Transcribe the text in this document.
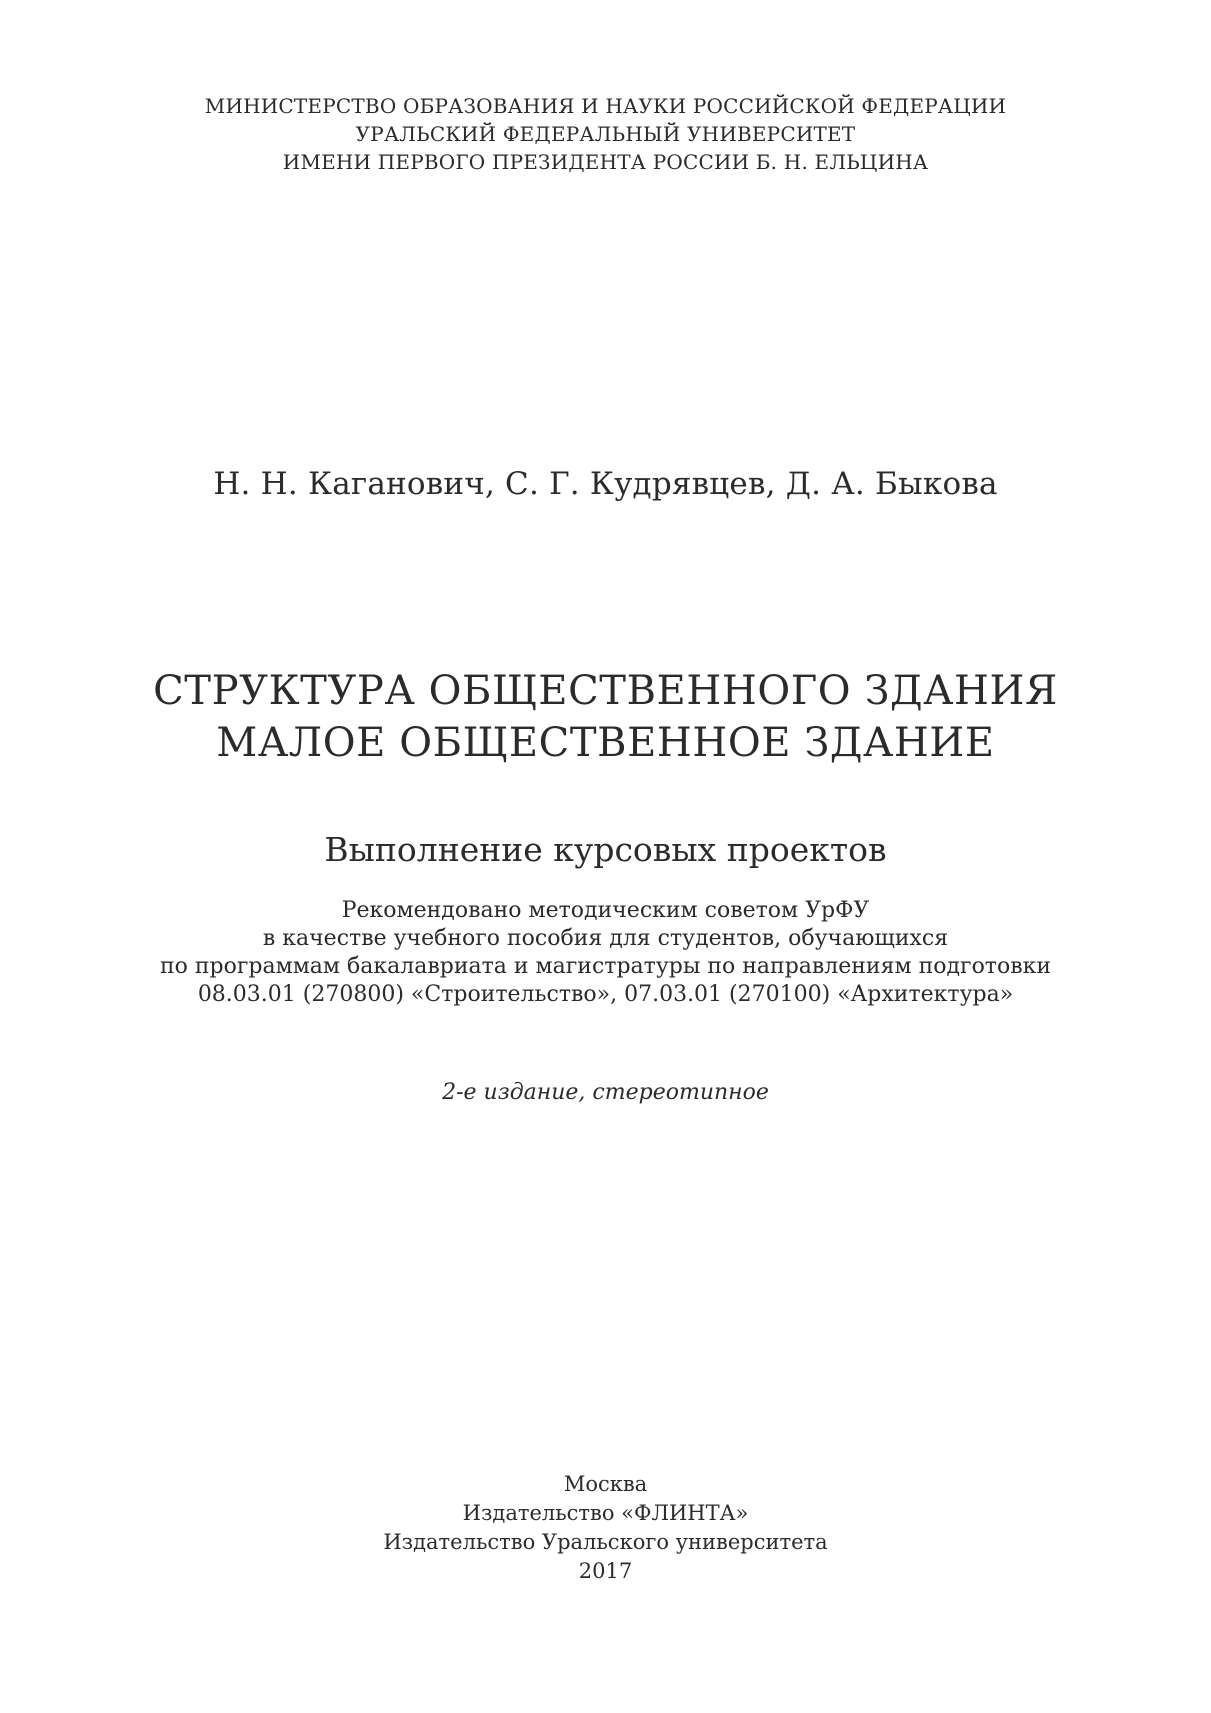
МИНИСТЕРСТВО ОБРАЗОВАНИЯ И НАУКИ РОССИЙСКОЙ ФЕДЕРАЦИИ
УРАЛЬСКИЙ ФЕДЕРАЛЬНЫЙ УНИВЕРСИТЕТ
ИМЕНИ ПЕРВОГО ПРЕЗИДЕНТА РОССИИ Б. Н. ЕЛЬЦИНА
Н. Н. Каганович, С. Г. Кудрявцев, Д. А. Быкова
СТРУКТУРА ОБЩЕСТВЕННОГО ЗДАНИЯ
МАЛОЕ ОБЩЕСТВЕННОЕ ЗДАНИЕ
Выполнение курсовых проектов
Рекомендовано методическим советом УрФУ
в качестве учебного пособия для студентов, обучающихся
по программам бакалавриата и магистратуры по направлениям подготовки
08.03.01 (270800) «Строительство», 07.03.01 (270100) «Архитектура»
2-е издание, стереотипное
Москва
Издательство «ФЛИНТА»
Издательство Уральского университета
2017
